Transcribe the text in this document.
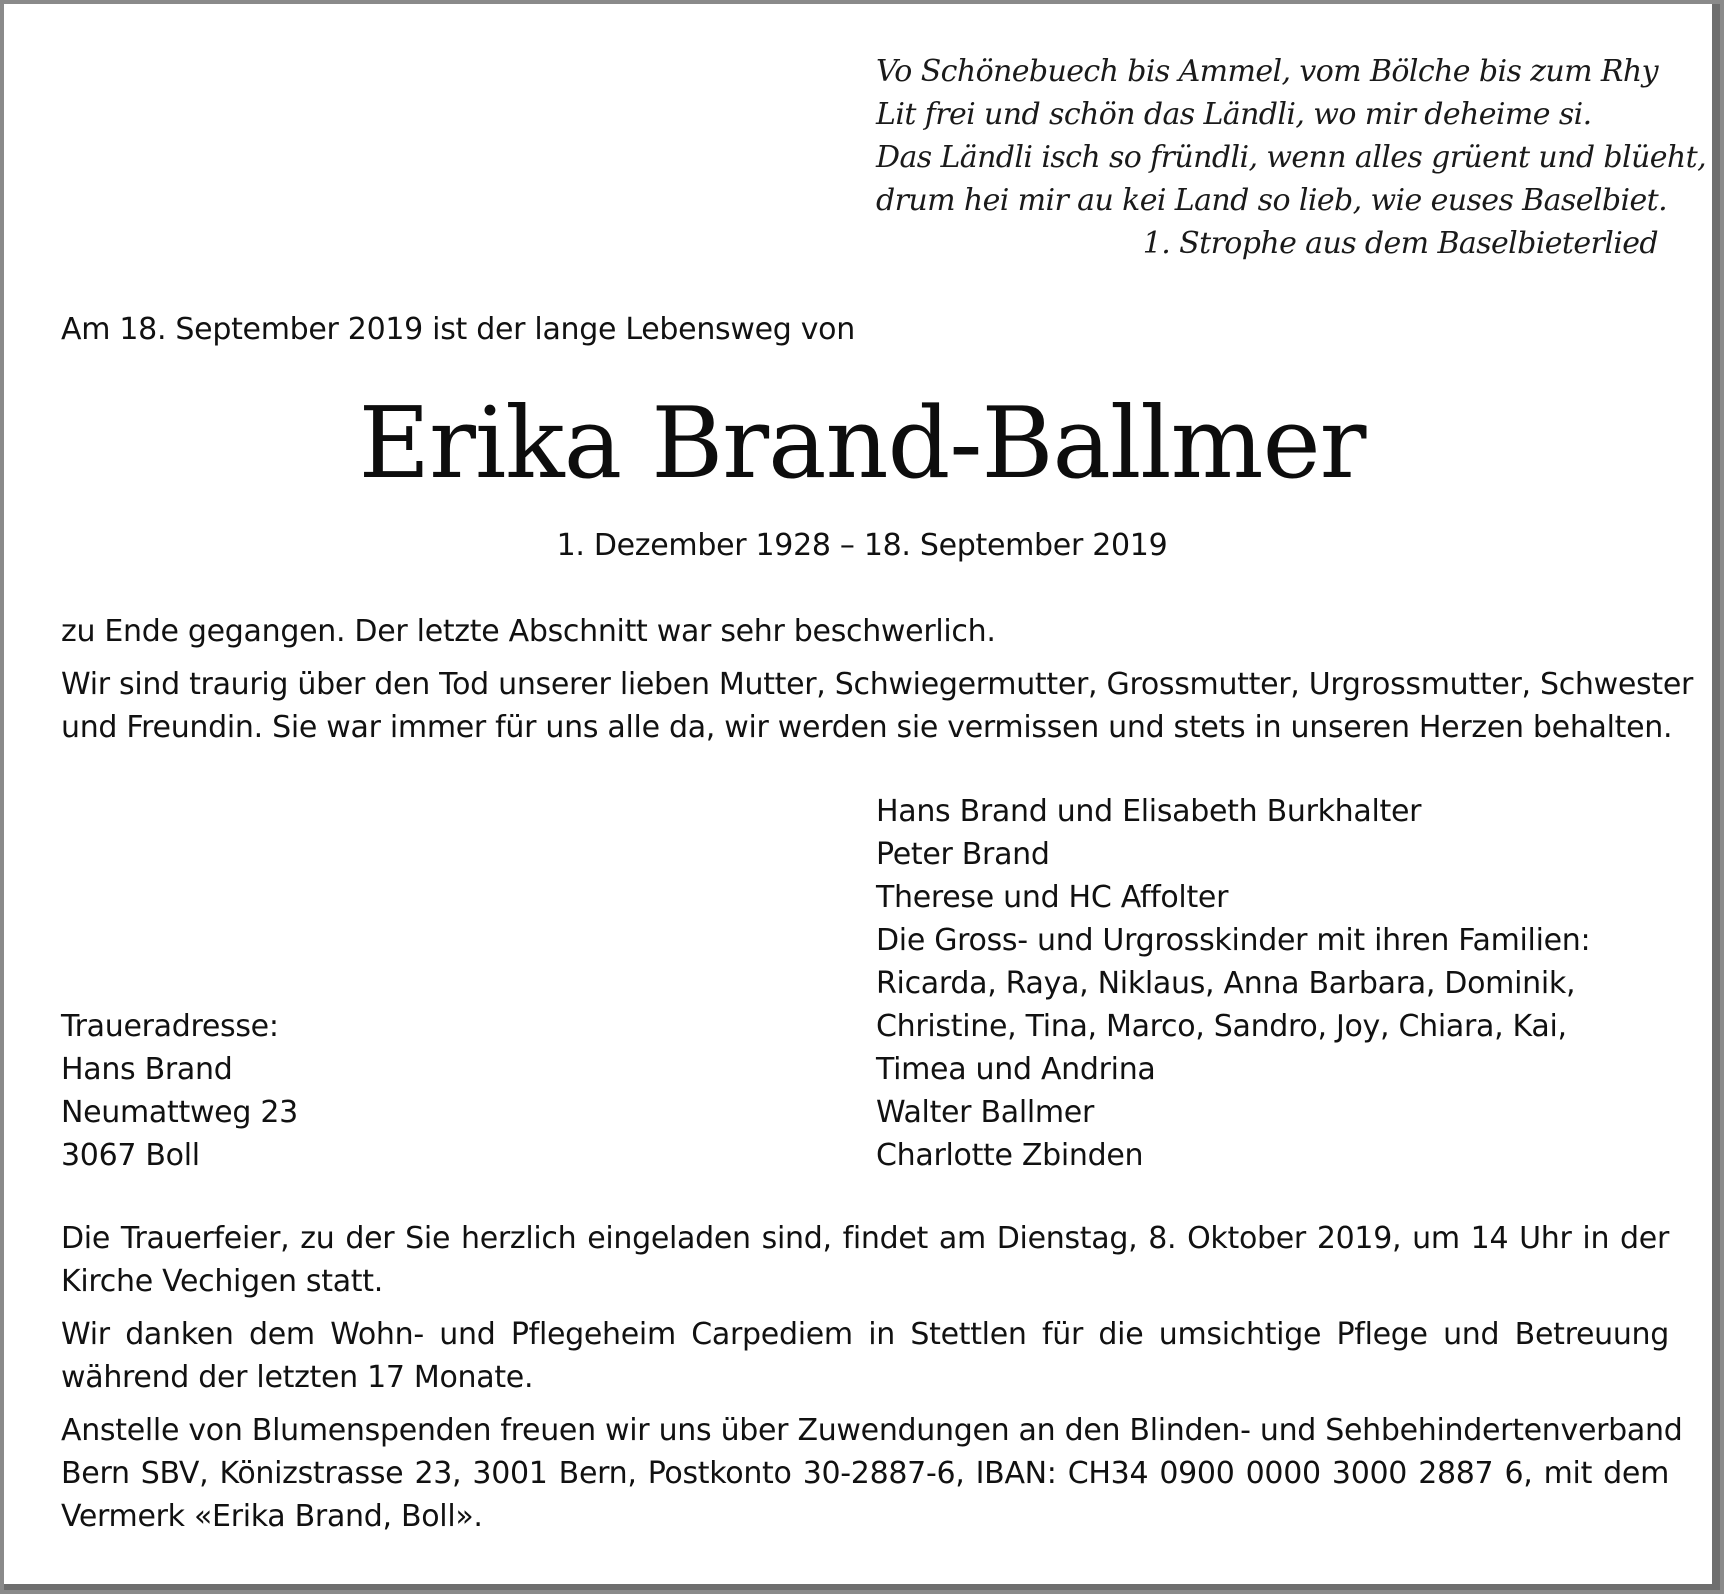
Vo Schönebuech bis Ammel, vom Bölche bis zum Rhy
Lit frei und schön das Ländli, wo mir deheime si.
Das Ländli isch so fründli, wenn alles grüent und blüeht,
drum hei mir au kei Land so lieb, wie euses Baselbiet.
1. Strophe aus dem Baselbieterlied
Am 18. September 2019 ist der lange Lebensweg von
Erika Brand-Ballmer
1. Dezember 1928 – 18. September 2019
zu Ende gegangen. Der letzte Abschnitt war sehr beschwerlich.
Wir sind traurig über den Tod unserer lieben Mutter, Schwiegermutter, Grossmutter, Urgrossmutter, Schwester
und Freundin. Sie war immer für uns alle da, wir werden sie vermissen und stets in unseren Herzen behalten.
Hans Brand und Elisabeth Burkhalter
Peter Brand
Therese und HC Affolter
Die Gross- und Urgrosskinder mit ihren Familien:
Ricarda, Raya, Niklaus, Anna Barbara, Dominik,
Christine, Tina, Marco, Sandro, Joy, Chiara, Kai,
Timea und Andrina
Walter Ballmer
Charlotte Zbinden
Traueradresse:
Hans Brand
Neumattweg 23
3067 Boll
Die Trauerfeier, zu der Sie herzlich eingeladen sind, findet am Dienstag, 8. Oktober 2019, um 14 Uhr in der
Kirche Vechigen statt.
Wir danken dem Wohn- und Pflegeheim Carpediem in Stettlen für die umsichtige Pflege und Betreuung
während der letzten 17 Monate.
Anstelle von Blumenspenden freuen wir uns über Zuwendungen an den Blinden- und Sehbehindertenverband
Bern SBV, Könizstrasse 23, 3001 Bern, Postkonto 30-2887-6, IBAN: CH34 0900 0000 3000 2887 6, mit dem
Vermerk «Erika Brand, Boll».
